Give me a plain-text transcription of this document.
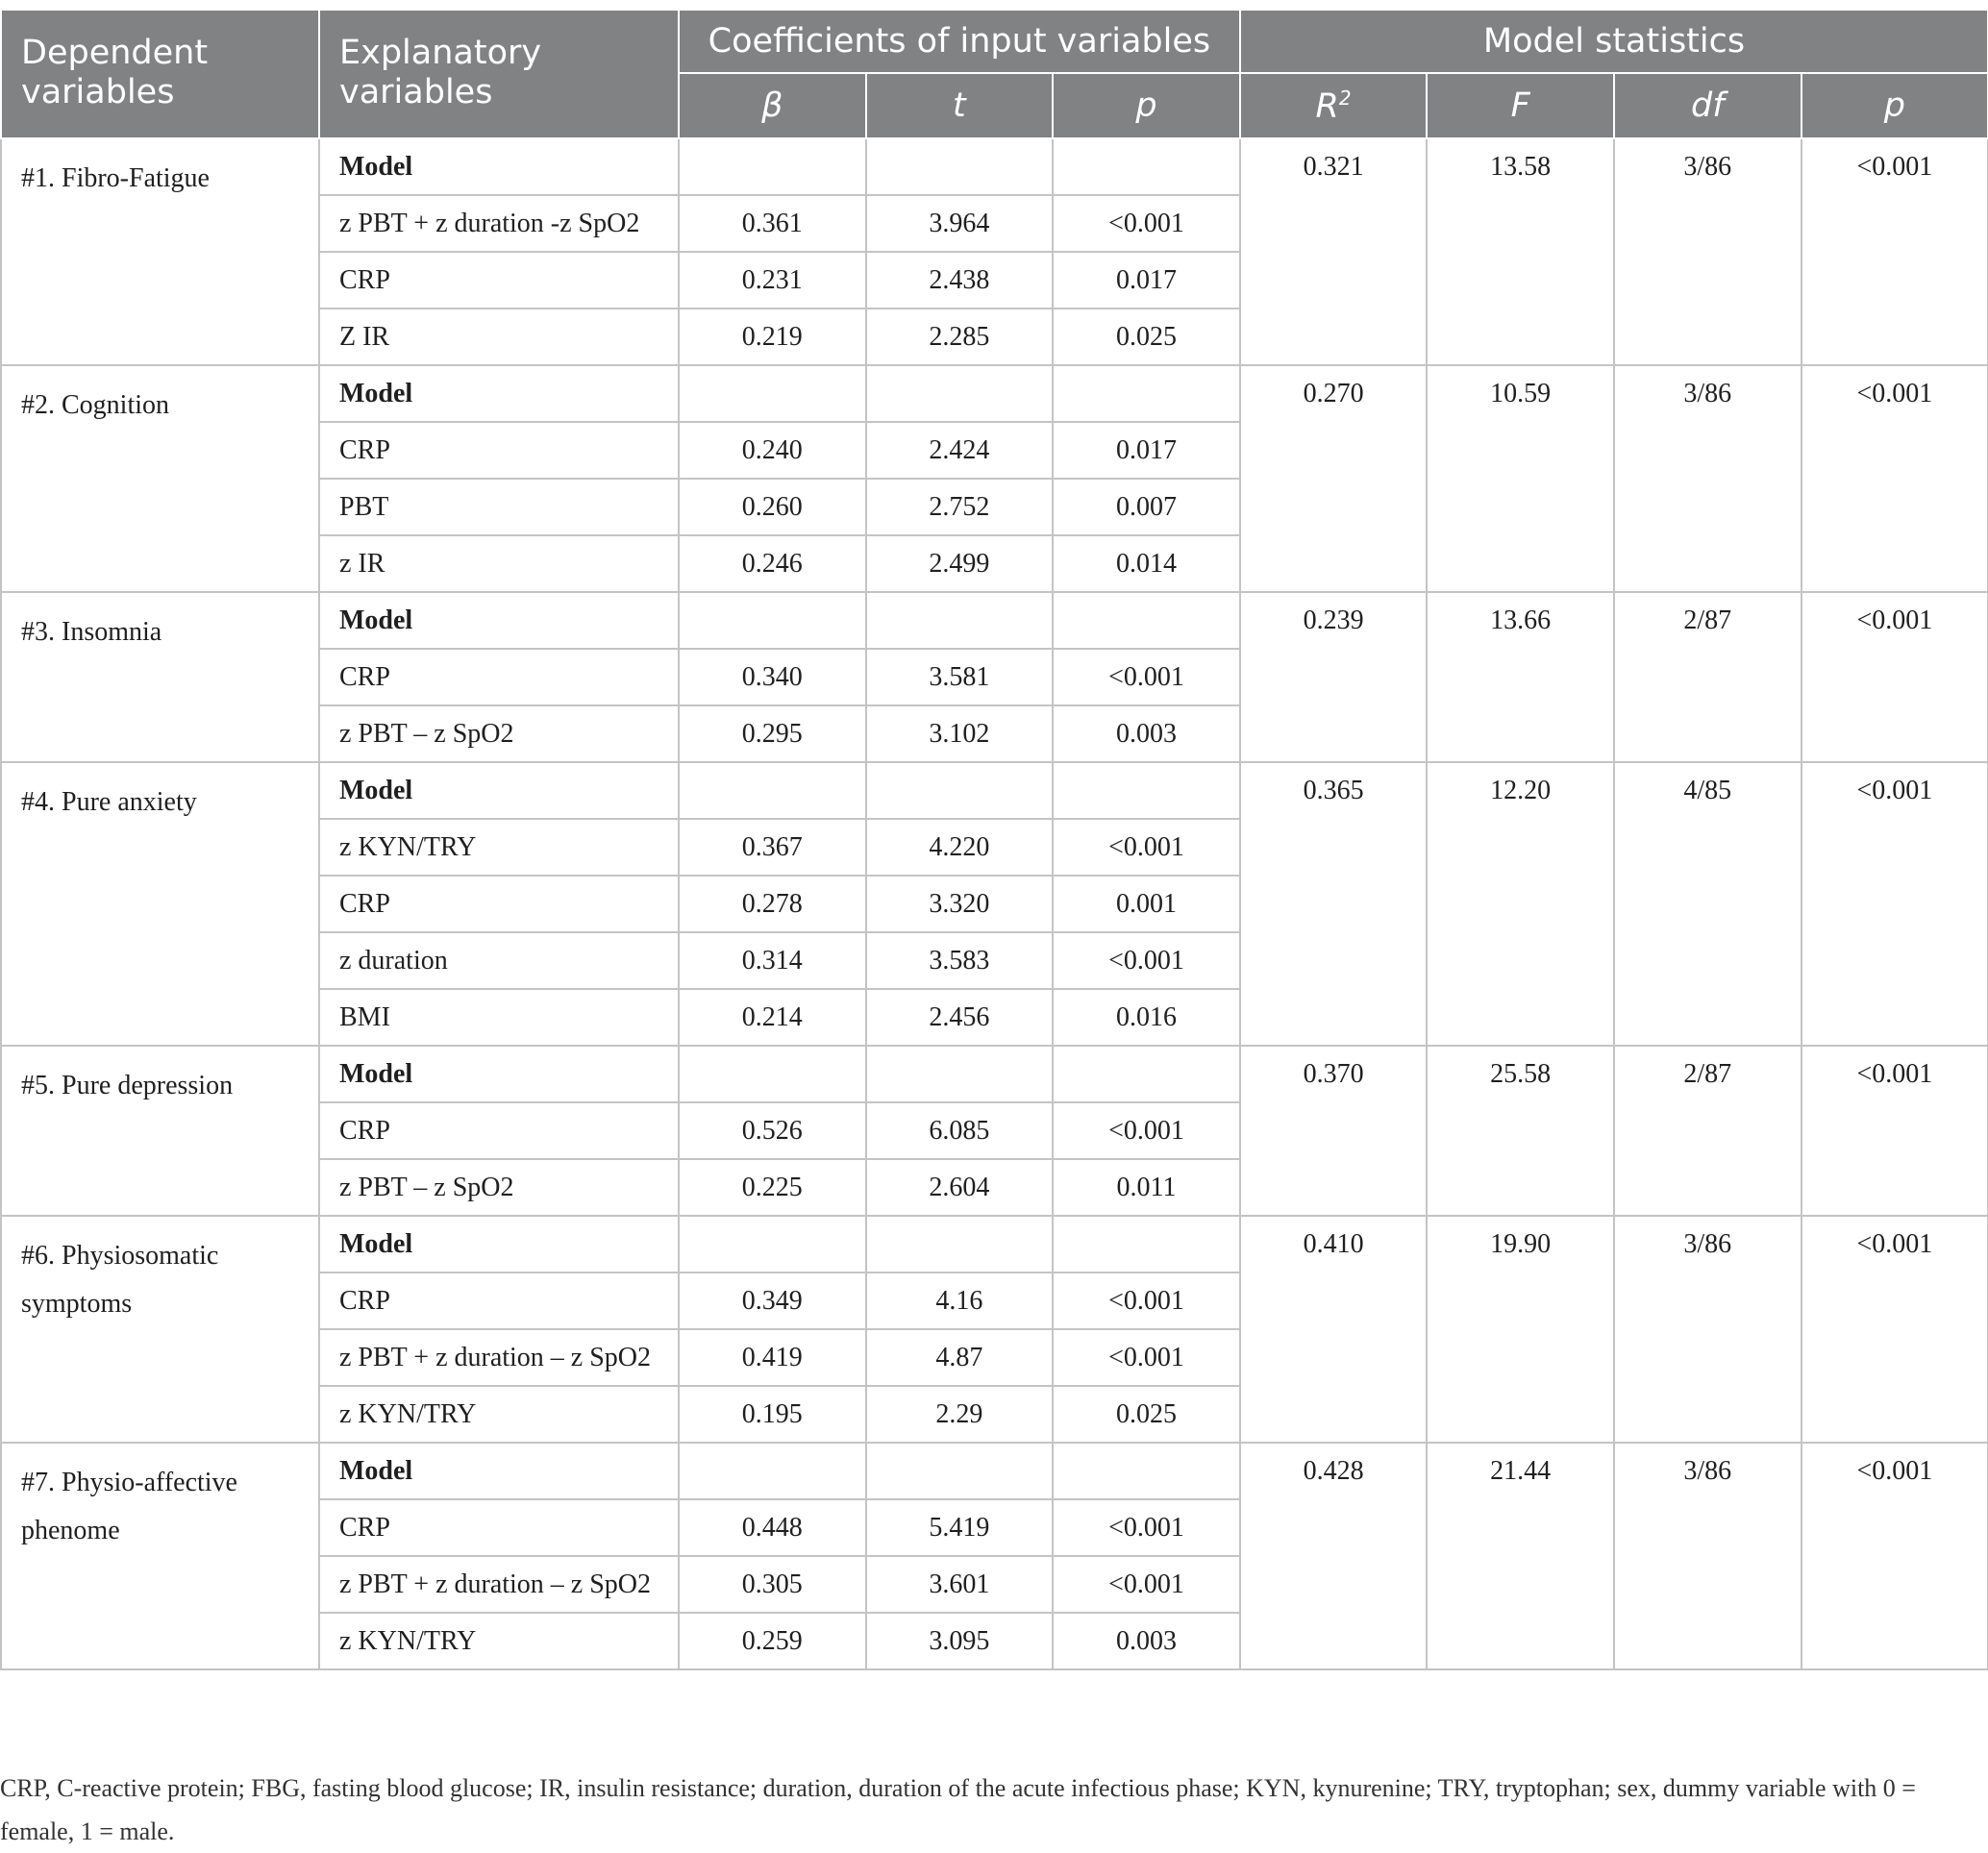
Dependent variables	Explanatory variables	Coefficients of input variables			Model statistics			
		β	t	p	$R^2$	F	df	p
#1. Fibro-Fatigue	Model				0.321	13.58	3/86	<0.001
	z PBT + z duration -z SpO2	0.361	3.964	<0.001				
	CRP	0.231	2.438	0.017				
	Z IR	0.219	2.285	0.025				
#2. Cognition	Model				0.270	10.59	3/86	<0.001
	CRP	0.240	2.424	0.017				
	PBT	0.260	2.752	0.007				
	z IR	0.246	2.499	0.014				
#3. Insomnia	Model				0.239	13.66	2/87	<0.001
	CRP	0.340	3.581	<0.001				
	z PBT – z SpO2	0.295	3.102	0.003				
#4. Pure anxiety	Model				0.365	12.20	4/85	<0.001
	z KYN/TRY	0.367	4.220	<0.001				
	CRP	0.278	3.320	0.001				
	z duration	0.314	3.583	<0.001				
	BMI	0.214	2.456	0.016				
#5. Pure depression	Model				0.370	25.58	2/87	<0.001
	CRP	0.526	6.085	<0.001				
	z PBT – z SpO2	0.225	2.604	0.011				
#6. Physiosomatic symptoms	Model				0.410	19.90	3/86	<0.001
	CRP	0.349	4.16	<0.001				
	z PBT + z duration – z SpO2	0.419	4.87	<0.001				
	z KYN/TRY	0.195	2.29	0.025				
#7. Physio-affective phenome	Model				0.428	21.44	3/86	<0.001
	CRP	0.448	5.419	<0.001				
	z PBT + z duration – z SpO2	0.305	3.601	<0.001				
	z KYN/TRY	0.259	3.095	0.003				

CRP, C-reactive protein; FBG, fasting blood glucose; IR, insulin resistance; duration, duration of the acute infectious phase; KYN, kynurenine; TRY, tryptophan; sex, dummy variable with 0 = female, 1 = male.
